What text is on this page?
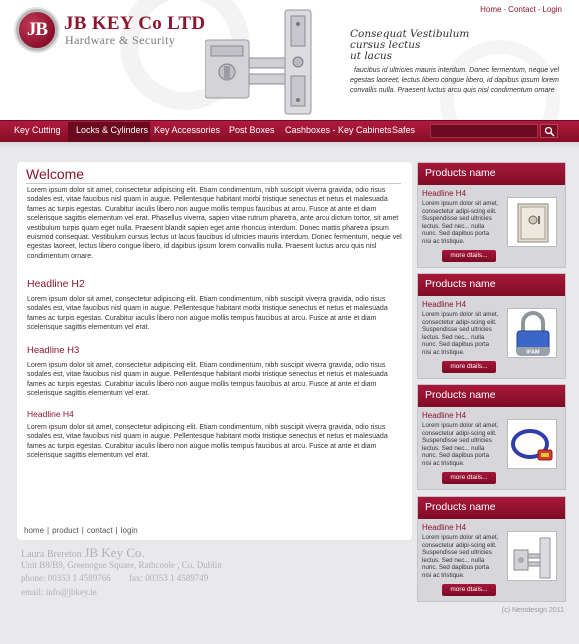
JB JB KEY Co LTD
Hardware & Security
Home - Contact - Login
Consequat Vestibulum
cursus lectus
ut lacus
faucibus id ultricies mauris interdum. Donec fermentum, neque vel egestas laoreet, lectus libero congue libero, id dapibus ipsum lorem convallis nulla. Praesent luctus arcu quis nisl condimentum ornare
Key Cutting Locks & Cylinders Key Accessories Post Boxes Cashboxes - Key Cabinets Safes
Welcome
Lorem ipsum dolor sit amet, consectetur adipiscing elit. Etiam condimentum, nibh suscipit viverra gravida, odio risus sodales est, vitae faucibus nisl quam in augue. Pellentesque habitant morbi tristique senectus et netus et malesuada fames ac turpis egestas. Curabitur iaculis libero non augue mollis tempus faucibus at arcu. Fusce at ante et diam scelerisque sagittis elementum vel erat. Phasellus viverra, sapien vitae rutrum pharetra, ante arcu dictum tortor, sit amet vestibulum turpis quam eget nulla. Praesent blandit sapien eget ante rhoncus interdum. Donec mattis pharetra ipsum euismod consequat. Vestibulum cursus lectus ut lacus faucibus id ultricies mauris interdum. Donec fermentum, neque vel egestas laoreet, lectus libero congue libero, id dapibus ipsum lorem convallis nulla. Praesent luctus arcu quis nisl condimentum ornare.
Headline H2
Lorem ipsum dolor sit amet, consectetur adipiscing elit. Etiam condimentum, nibh suscipit viverra gravida, odio risus sodales est, vitae faucibus nisl quam in augue. Pellentesque habitant morbi tristique senectus et netus et malesuada fames ac turpis egestas. Curabitur iaculis libero non augue mollis tempus faucibus at arcu. Fusce at ante et diam scelerisque sagittis elementum vel erat.
Headline H3
Lorem ipsum dolor sit amet, consectetur adipiscing elit. Etiam condimentum, nibh suscipit viverra gravida, odio risus sodales est, vitae faucibus nisl quam in augue. Pellentesque habitant morbi tristique senectus et netus et malesuada fames ac turpis egestas. Curabitur iaculis libero non augue mollis tempus faucibus at arcu. Fusce at ante et diam scelerisque sagittis elementum vel erat.
Headline H4
Lorem ipsum dolor sit amet, consectetur adipiscing elit. Etiam condimentum, nibh suscipit viverra gravida, odio risus sodales est, vitae faucibus nisl quam in augue. Pellentesque habitant morbi tristique senectus et netus et malesuada fames ac turpis egestas. Curabitur iaculis libero non augue mollis tempus faucibus at arcu. Fusce at ante et diam scelerisque sagittis elementum vel erat.
home | product | contact | login
Laura Brereton JB Key Co.
Unit B8/B9, Greenogue Square, Rathcoole , Co. Dublin
phone: 00353 1 4589766 fax: 00353 1 4589749
email: info@jbkey.ie
(c) Nestdesign 2011
Products name
Headline H4
Lorem ipsum dolor sit amet, consectetur adipi-scing elit. Suspendisse sed ultricies lectus. Sed nec... nulla nunc. Sed dapibus porta nisi ac tristique.
more dtails...
Products name
Headline H4
Lorem ipsum dolor sit amet, consectetur adipi-scing elit. Suspendisse sed ultricies lectus. Sed nec... nulla nunc. Sed dapibus porta nisi ac tristique.	IFAM
more dtails...
Products name
Headline H4
Lorem ipsum dolor sit amet, consectetur adipi-scing elit. Suspendisse sed ultricies lectus. Sed nec... nulla nunc. Sed dapibus porta nisi ac tristique.
more dtails...
Products name
Headline H4
Lorem ipsum dolor sit amet, consectetur adipi-scing elit. Suspendisse sed ultricies lectus. Sed nec... nulla nunc. Sed dapibus porta nisi ac tristique.
more dtails...
